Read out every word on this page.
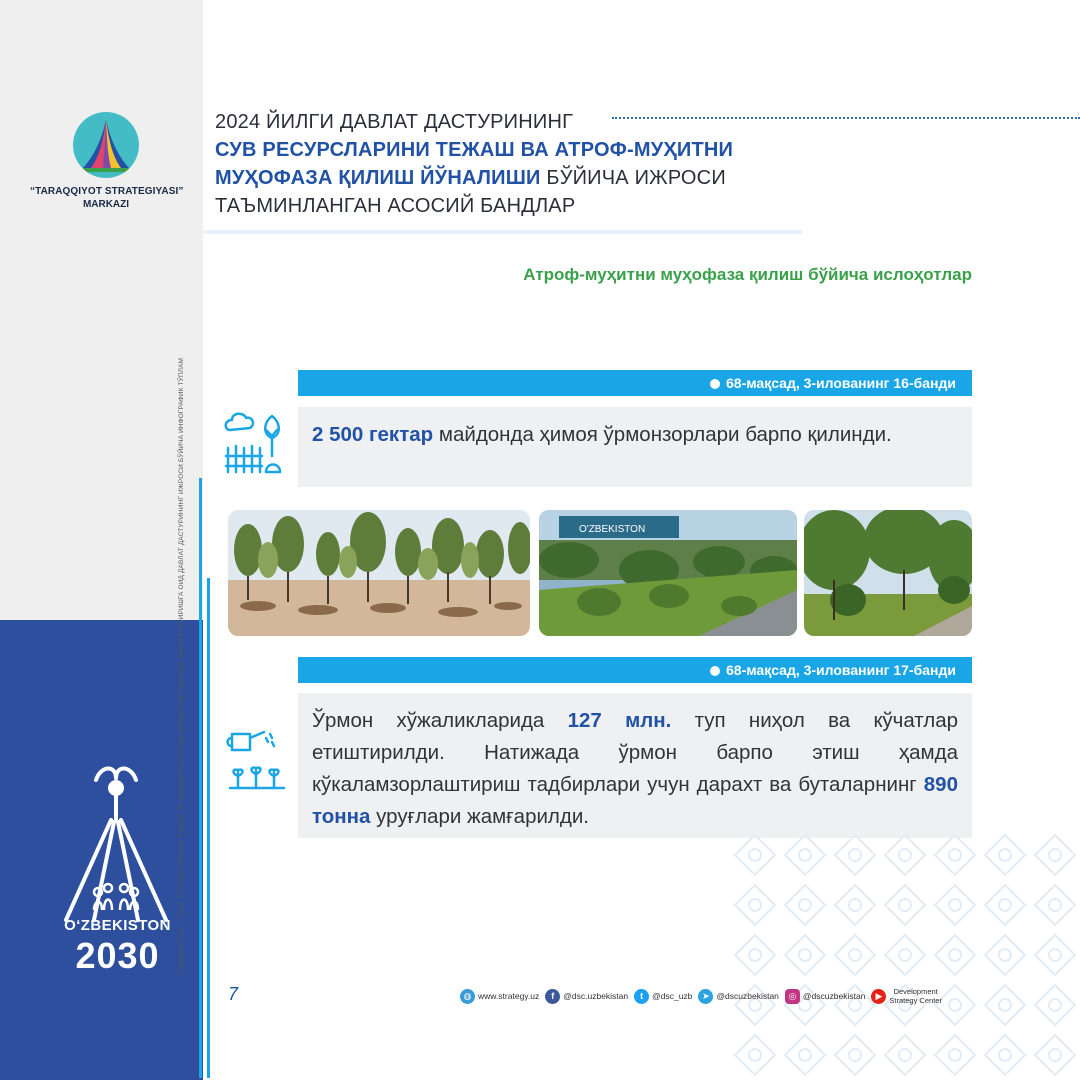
“TARAQQIYOT STRATEGIYASI”
MARKAZI
“ЎЗБЕКИСТОН — 2030” СТРАТЕГИЯСИНИ “ЁШЛАР ВА БИЗНЕСНИ ҚЎЛЛАБ-ҚУВВАТЛАШ ЙИЛИ”ДА АМАЛГА ОШИРИШГА ОИД ДАВЛАТ ДАСТУРИНИНГ ИЖРОСИ БЎЙИЧА ИНФОГРАФИК ТЎПЛАМ
O‘ZBEKISTON
2030
2024 ЙИЛГИ ДАВЛАТ ДАСТУРИНИНГ
СУВ РЕСУРСЛАРИНИ ТЕЖАШ ВА АТРОФ-МУҲИТНИ
МУҲОФАЗА ҚИЛИШ ЙЎНАЛИШИ БЎЙИЧА ИЖРОСИ
ТАЪМИНЛАНГАН АСОСИЙ БАНДЛАР
Атроф-муҳитни муҳофаза қилиш бўйича ислоҳотлар
68-мақсад, 3-илованинг 16-банди
2 500 гектар майдонда ҳимоя ўрмонзорлари барпо қилинди.
O'ZBEKISTON
68-мақсад, 3-илованинг 17-банди
Ўрмон хўжаликларида 127 млн. туп ниҳол ва кўчатлар етиштирилди. Натижада ўрмон барпо этиш ҳамда кўкаламзорлаштириш тадбирлари учун дарахт ва буталарнинг 890 тонна уруғлари жамғарилди.
7	◍ www.strategy.uz	f	@dsc.uzbekistan	t	@dsc_uzb	➤ @dscuzbekistan	◎ @dscuzbekistan	▶	Development
Strategy Center
